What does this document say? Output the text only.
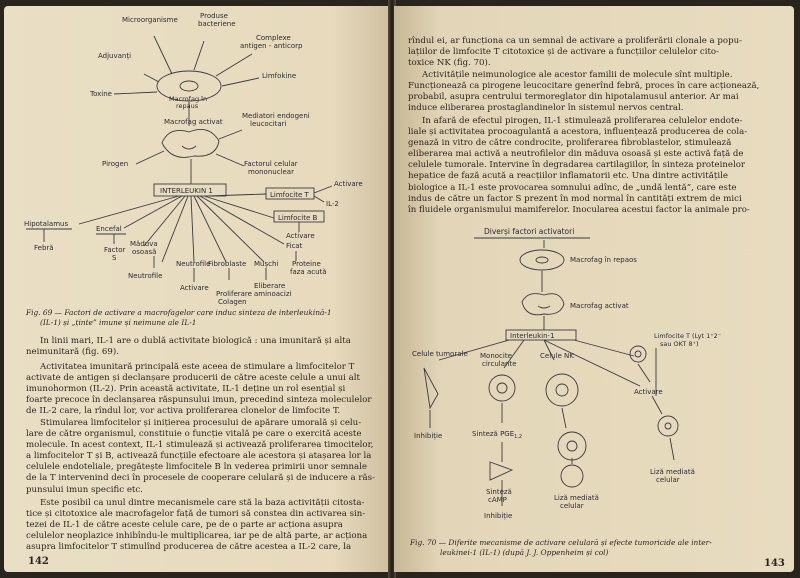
Microorganisme	Produse
bacteriene
Complexe
antigen - anticorp
Adjuvanți
Limfokine
Toxine
Macrofag în
repaus
Macrofag activat
Mediatori endogeni
leucocitari
Pirogen	Factorul celular
mononuclear
INTERLEUKIN 1	Limfocite T
Activare
IL-2
Limfocite B
Activare
Hipotalamus
Encefal
Măduva
osoasă
Febră	Factor
S
Neutrofile
Neutrofile
Fibroblaste Mușchi
Ficat
Proteine
faza acută
Activare	Eliberare
aminoacizi
Proliferare
Colagen
Fig. 69 — Factori de activare a macrofagelor care induc sinteza de interleukină-1
(IL-1) și „ținte” imune și neimune ale IL-1
În linii mari, IL-1 are o dublă activitate biologică : una imunitară și alta
neimunitară (fig. 69).
Activitatea imunitară principală este aceea de stimulare a limfocitelor T
activate de antigen și declanșare producerii de către aceste celule a unui alt
imunohormon (IL-2). Prin această activitate, IL-1 deține un rol esențial și
foarte precoce în declanșarea răspunsului imun, precedind sinteza moleculelor
de IL-2 care, la rîndul lor, vor activa proliferarea clonelor de limfocite T.
Stimularea limfocitelor și inițierea procesului de apărare umorală și celu-
lare de către organismul, constituie o funcție vitală pe care o exercită aceste
molecule. În acest context, IL-1 stimulează și activează proliferarea timocitelor,
a limfocitelor T și B, activează funcțiile efectoare ale acestora și atașarea lor la
celulele endoteliale, pregătește limfocitele B în vederea primirii unor semnale
de la T intervenind deci în procesele de cooperare celulară și de inducere a răs-
punsului imun specific etc.
Este posibil ca unul dintre mecanismele care stă la baza activității citosta-
tice și citotoxice ale macrofagelor față de tumori să constea din activarea sin-
tezei de IL-1 de către aceste celule care, pe de o parte ar acționa asupra
celulelor neoplazice inhibîndu-le multiplicarea, iar pe de altă parte, ar acționa
asupra limfocitelor T stimulînd producerea de către acestea a IL-2 care, la
142
rîndul ei, ar funcționa ca un semnal de activare a proliferării clonale a popu-
lațiilor de limfocite T citotoxice și de activare a funcțiilor celulelor cito-
toxice NK (fig. 70).
Activitățile neimunologice ale acestor familii de molecule sînt multiple.
Funcționează ca pirogene leucocitare generînd febră, proces în care acționează,
probabil, asupra centrului termoreglator din hipotalamusul anterior. Ar mai
induce eliberarea prostaglandinelor în sistemul nervos central.
În afară de efectul pirogen, IL-1 stimulează proliferarea celulelor endote-
liale și activitatea procoagulantă a acestora, influențează producerea de cola-
genază in vitro de către condrocite, proliferarea fibroblastelor, stimulează
eliberarea mai activă a neutrofilelor din măduva osoasă și este activă față de
celulele tumorale. Intervine în degradarea cartilagiilor, în sinteza proteinelor
hepatice de fază acută a reacțiilor inflamatorii etc. Una dintre activitățile
biologice a IL-1 este provocarea somnului adînc, de „undă lentă”, care este
indus de către un factor S prezent în mod normal în cantități extrem de mici
în fluidele organismului mamiferelor. Inocularea acestui factor la animale pro-
Diverși factori activatori
Macrofag în repaos
Macrofag activat
Interleukin-1
Celule tumorale Monocite
circulante
Celule NK
Limfocite T (Lyt 1⁺2⁻
sau OKT 8⁺)
Activare
Inhibiție	Sinteză $PGE_{1,2}$
Sinteză
cAMP
Inhibiție
Liză mediată
celular
Liză mediată
celular
Fig. 70 — Diferite mecanisme de activare celulară și efecte tumoricide ale inter-
leukinei-1 (IL-1) (după J. J. Oppenheim și col)
143
